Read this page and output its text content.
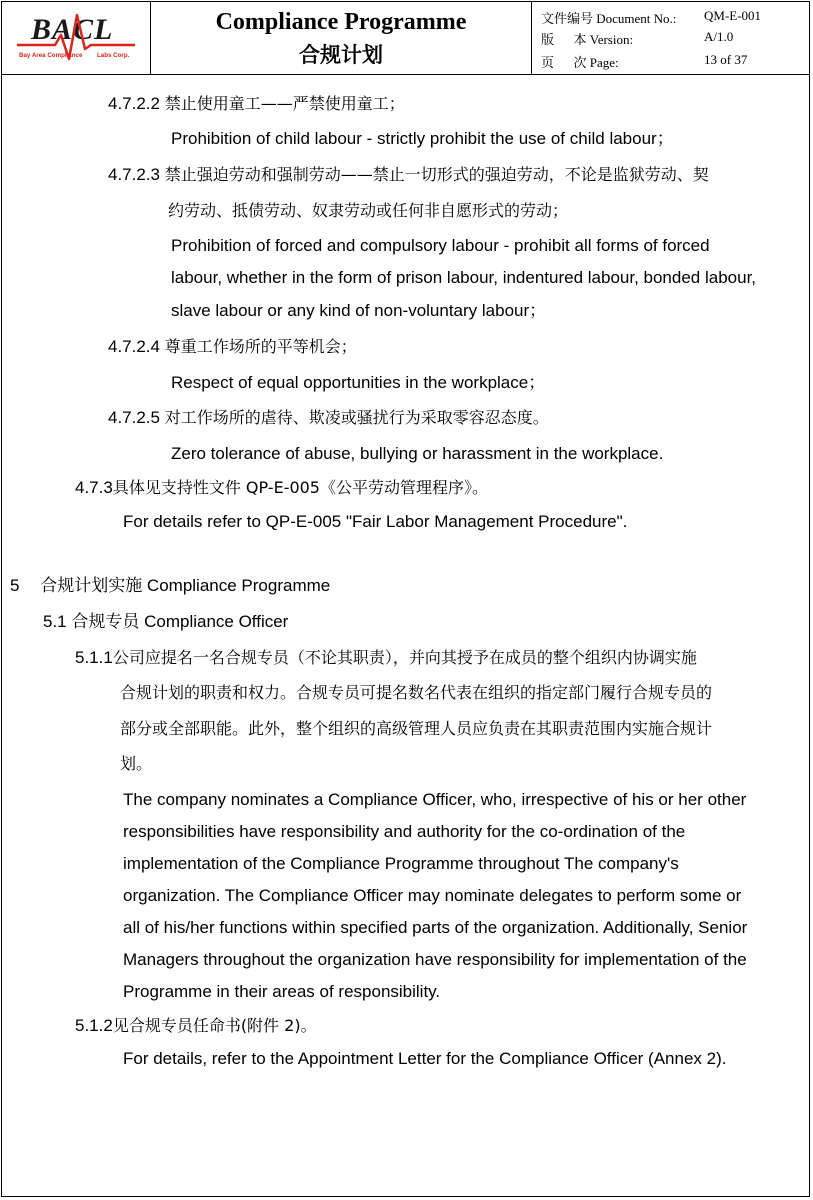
BACL
Bay Area Compliance Labs Corp.
Compliance Programme
合规计划
文件编号 Document No.: QM-E-001
版      本 Version:	A/1.0
页      次 Page:	13 of 37
4.7.2.2 禁止使用童工——严禁使用童工；
Prohibition of child labour - strictly prohibit the use of child labour；
4.7.2.3 禁止强迫劳动和强制劳动——禁止一切形式的强迫劳动，不论是监狱劳动、契
约劳动、抵债劳动、奴隶劳动或任何非自愿形式的劳动；
Prohibition of forced and compulsory labour - prohibit all forms of forced
labour, whether in the form of prison labour, indentured labour, bonded labour,
slave labour or any kind of non-voluntary labour；
4.7.2.4 尊重工作场所的平等机会；
Respect of equal opportunities in the workplace；
4.7.2.5 对工作场所的虐待、欺凌或骚扰行为采取零容忍态度。
Zero tolerance of abuse, bullying or harassment in the workplace.
4.7.3具体见支持性文件 QP-E-005《公平劳动管理程序》。
For details refer to QP-E-005 "Fair Labor Management Procedure".
5 合规计划实施 Compliance Programme
5.1 合规专员 Compliance Officer
5.1.1公司应提名一名合规专员（不论其职责），并向其授予在成员的整个组织内协调实施
合规计划的职责和权力。合规专员可提名数名代表在组织的指定部门履行合规专员的
部分或全部职能。此外，整个组织的高级管理人员应负责在其职责范围内实施合规计
划。
The company nominates a Compliance Officer, who, irrespective of his or her other
responsibilities have responsibility and authority for the co-ordination of the
implementation of the Compliance Programme throughout The company's
organization. The Compliance Officer may nominate delegates to perform some or
all of his/her functions within specified parts of the organization. Additionally, Senior
Managers throughout the organization have responsibility for implementation of the
Programme in their areas of responsibility.
5.1.2见合规专员任命书(附件 2)。
For details, refer to the Appointment Letter for the Compliance Officer (Annex 2).
